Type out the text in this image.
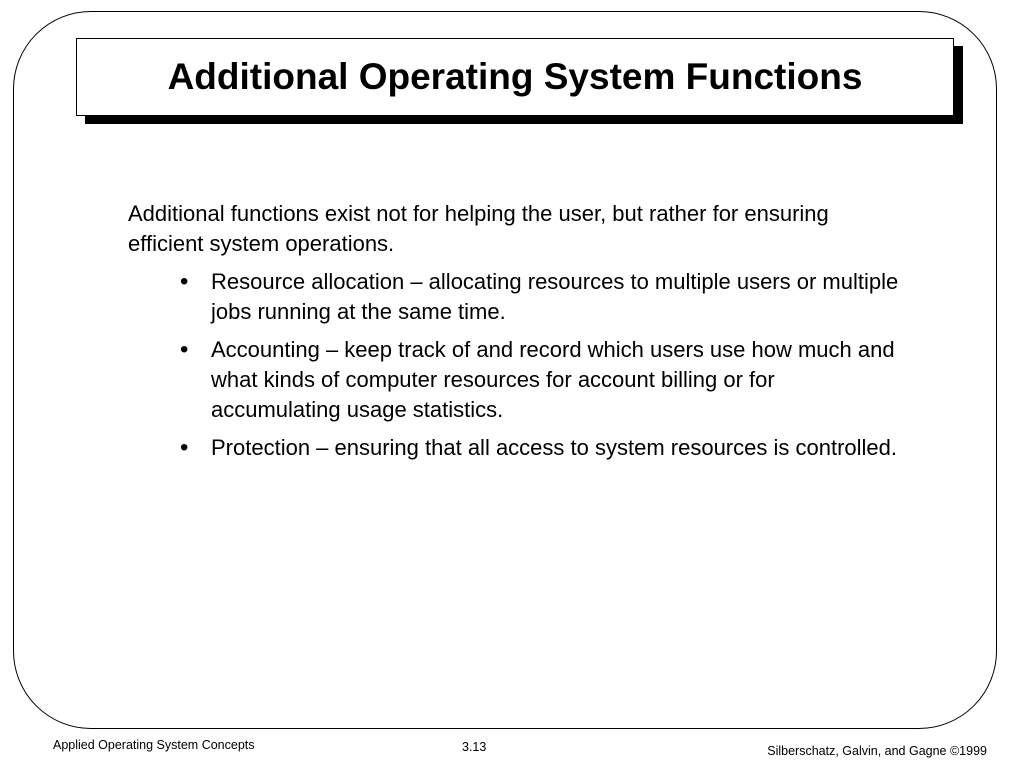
Additional Operating System Functions

Additional functions exist not for helping the user, but rather for ensuring efficient system operations.

• Resource allocation – allocating resources to multiple users or multiple jobs running at the same time.
• Accounting – keep track of and record which users use how much and what kinds of computer resources for account billing or for accumulating usage statistics.
• Protection – ensuring that all access to system resources is controlled.
Applied Operating System Concepts	3.13	Silberschatz, Galvin, and Gagne ©1999
